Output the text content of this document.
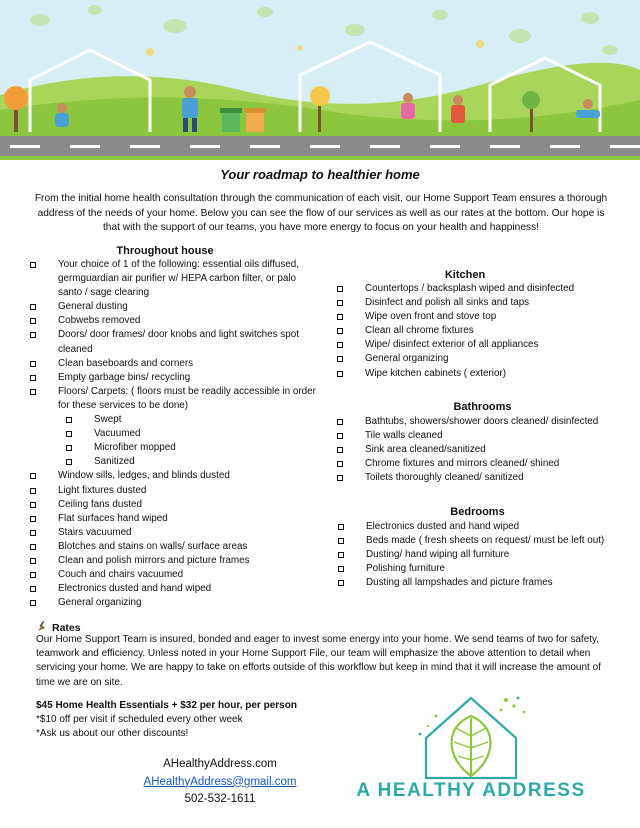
Your roadmap to healthier home

From the initial home health consultation through the communication of each visit, our Home Support Team ensures a thorough address of the needs of your home. Below you can see the flow of our services as well as our rates at the bottom. Our hope is that with the support of our teams, you have more energy to focus on your health and happiness!

Throughout house
Your choice of 1 of the following: essential oils diffused, germguardian air purifier w/ HEPA carbon filter, or palo santo / sage clearing
General dusting
Cobwebs removed
Doors/ door frames/ door knobs and light switches spot cleaned
Clean baseboards and corners
Empty garbage bins/ recycling
Floors/ Carpets: ( floors must be readily accessible in order for these services to be done)
Swept
Vacuumed
Microfiber mopped
Sanitized
Window sills, ledges, and blinds dusted
Light fixtures dusted
Ceiling fans dusted
Flat surfaces hand wiped
Stairs vacuumed
Blotches and stains on walls/ surface areas
Clean and polish mirrors and picture frames
Couch and chairs vacuumed
Electronics dusted and hand wiped
General organizing
Kitchen
Countertops / backsplash wiped and disinfected
Disinfect and polish all sinks and taps
Wipe oven front and stove top
Clean all chrome fixtures
Wipe/ disinfect exterior of all appliances
General organizing
Wipe kitchen cabinets ( exterior)
Bathrooms
Bathtubs, showers/shower doors cleaned/ disinfected
Tile walls cleaned
Sink area cleaned/sanitized
Chrome fixtures and mirrors cleaned/ shined
Toilets thoroughly cleaned/ sanitized
Bedrooms
Electronics dusted and hand wiped
Beds made ( fresh sheets on request/ must be left out)
Dusting/ hand wiping all furniture
Polishing furniture
Dusting all lampshades and picture frames
Rates

Our Home Support Team is insured, bonded and eager to invest some energy into your home. We send teams of two for safety, teamwork and efficiency. Unless noted in your Home Support File, our team will emphasize the above attention to detail when servicing your home. We are happy to take on efforts outside of this workflow but keep in mind that it will increase the amount of time we are on site.

$45 Home Health Essentials + $32 per hour, per person
*$10 off per visit if scheduled every other week
*Ask us about our other discounts!
AHealthyAddress.com
AHealthyAddress@gmail.com
502-532-1611	A HEALTHY ADDRESS
